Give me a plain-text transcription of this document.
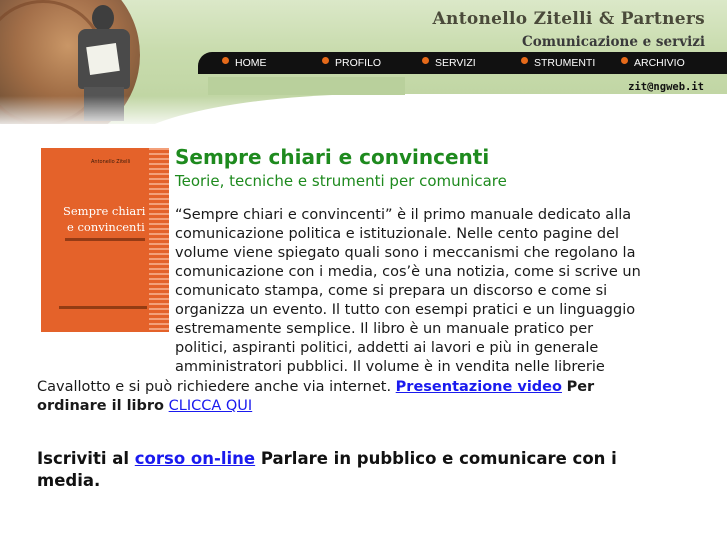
Antonello Zitelli & Partners
Comunicazione e servizi
HOME	PROFILO	SERVIZI	STRUMENTI	ARCHIVIO
zit@ngweb.it
Antonello Zitelli
Sempre chiari
e convincenti
Sempre chiari e convincenti
Teorie, tecniche e strumenti per comunicare
“Sempre chiari e convincenti” è il primo manuale dedicato alla
comunicazione politica e istituzionale. Nelle cento pagine del
volume viene spiegato quali sono i meccanismi che regolano la
comunicazione con i media, cos’è una notizia, come si scrive un
comunicato stampa, come si prepara un discorso e come si
organizza un evento. Il tutto con esempi pratici e un linguaggio
estremamente semplice. Il libro è un manuale pratico per
politici, aspiranti politici, addetti ai lavori e più in generale
amministratori pubblici. Il volume è in vendita nelle librerie
Cavallotto e si può richiedere anche via internet. Presentazione video Per
ordinare il libro CLICCA QUI
Iscriviti al corso on-line Parlare in pubblico e comunicare con i media.
